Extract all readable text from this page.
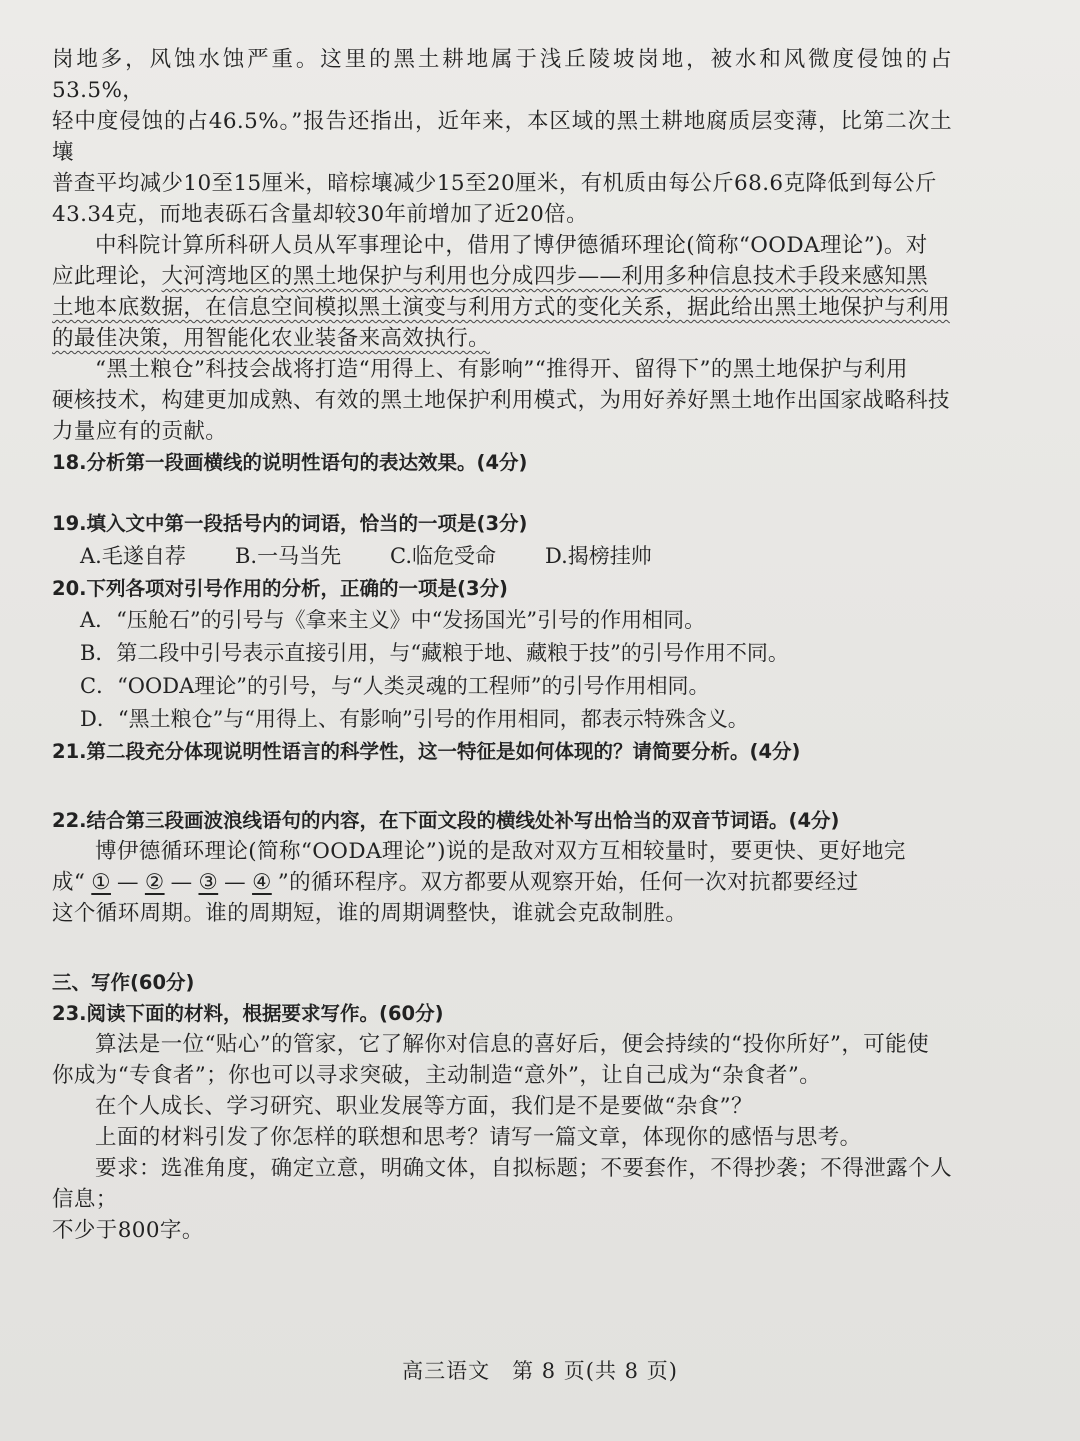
岗地多，风蚀水蚀严重。这里的黑土耕地属于浅丘陵坡岗地，被水和风微度侵蚀的占53.5%，

轻中度侵蚀的占46.5%。”报告还指出，近年来，本区域的黑土耕地腐质层变薄，比第二次土壤

普查平均减少10至15厘米，暗棕壤减少15至20厘米，有机质由每公斤68.6克降低到每公斤

43.34克，而地表砾石含量却较30年前增加了近20倍。

中科院计算所科研人员从军事理论中，借用了博伊德循环理论(简称“OODA理论”)。对

应此理论，大河湾地区的黑土地保护与利用也分成四步——利用多种信息技术手段来感知黑

土地本底数据，在信息空间模拟黑土演变与利用方式的变化关系，据此给出黑土地保护与利用

的最佳决策，用智能化农业装备来高效执行。

“黑土粮仓”科技会战将打造“用得上、有影响”“推得开、留得下”的黑土地保护与利用

硬核技术，构建更加成熟、有效的黑土地保护利用模式，为用好养好黑土地作出国家战略科技

力量应有的贡献。

18.分析第一段画横线的说明性语句的表达效果。(4分)

19.填入文中第一段括号内的词语，恰当的一项是(3分)

A.毛遂自荐	B.一马当先	C.临危受命	D.揭榜挂帅

20.下列各项对引号作用的分析，正确的一项是(3分)

A．“压舱石”的引号与《拿来主义》中“发扬国光”引号的作用相同。

B．第二段中引号表示直接引用，与“藏粮于地、藏粮于技”的引号作用不同。

C．“OODA理论”的引号，与“人类灵魂的工程师”的引号作用相同。

D．“黑土粮仓”与“用得上、有影响”引号的作用相同，都表示特殊含义。

21.第二段充分体现说明性语言的科学性，这一特征是如何体现的？请简要分析。(4分)

22.结合第三段画波浪线语句的内容，在下面文段的横线处补写出恰当的双音节词语。(4分)

博伊德循环理论(简称“OODA理论”)说的是敌对双方互相较量时，要更快、更好地完

成“ ① — ② — ③ — ④ ”的循环程序。双方都要从观察开始，任何一次对抗都要经过

这个循环周期。谁的周期短，谁的周期调整快，谁就会克敌制胜。

三、写作(60分)

23.阅读下面的材料，根据要求写作。(60分)

算法是一位“贴心”的管家，它了解你对信息的喜好后，便会持续的“投你所好”，可能使

你成为“专食者”；你也可以寻求突破，主动制造“意外”，让自己成为“杂食者”。

在个人成长、学习研究、职业发展等方面，我们是不是要做“杂食”？

上面的材料引发了你怎样的联想和思考？请写一篇文章，体现你的感悟与思考。

要求：选准角度，确定立意，明确文体，自拟标题；不要套作，不得抄袭；不得泄露个人信息；

不少于800字。

高三语文　第 8 页(共 8 页)
